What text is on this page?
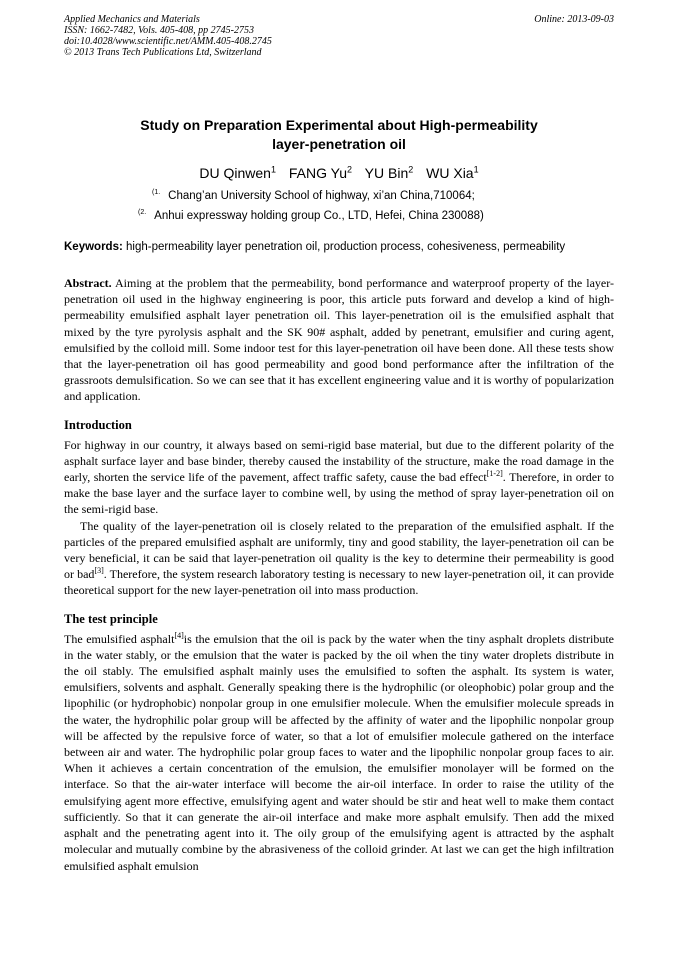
Applied Mechanics and Materials
ISSN: 1662-7482, Vols. 405-408, pp 2745-2753
doi:10.4028/www.scientific.net/AMM.405-408.2745
© 2013 Trans Tech Publications Ltd, Switzerland
Online: 2013-09-03
Study on Preparation Experimental about High-permeability
layer-penetration oil
DU Qinwen$^1$ FANG Yu$^2$ YU Bin$^2$ WU Xia$^1$
$^{(1.}$ Chang’an University School of highway, xi’an China,710064;
$^{(2.}$ Anhui expressway holding group Co., LTD, Hefei, China 230088)
Keywords: high-permeability layer penetration oil, production process, cohesiveness, permeability

Abstract. Aiming at the problem that the permeability, bond performance and waterproof property of the layer-penetration oil used in the highway engineering is poor, this article puts forward and develop a kind of high-permeability emulsified asphalt layer penetration oil. This layer-penetration oil is the emulsified asphalt that mixed by the tyre pyrolysis asphalt and the SK 90# asphalt, added by penetrant, emulsifier and curing agent, emulsified by the colloid mill. Some indoor test for this layer-penetration oil have been done. All these tests show that the layer-penetration oil has good permeability and good bond performance after the infiltration of the grassroots demulsification. So we can see that it has excellent engineering value and it is worthy of popularization and application.

Introduction

For highway in our country, it always based on semi-rigid base material, but due to the different polarity of the asphalt surface layer and base binder, thereby caused the instability of the structure, make the road damage in the early, shorten the service life of the pavement, affect traffic safety, cause the bad effect[1-2]. Therefore, in order to make the base layer and the surface layer to combine well, by using the method of spray layer-penetration oil on the semi-rigid base.

The quality of the layer-penetration oil is closely related to the preparation of the emulsified asphalt. If the particles of the prepared emulsified asphalt are uniformly, tiny and good stability, the layer-penetration oil can be very beneficial, it can be said that layer-penetration oil quality is the key to determine their permeability is good or bad[3]. Therefore, the system research laboratory testing is necessary to new layer-penetration oil, it can provide theoretical support for the new layer-penetration oil into mass production.

The test principle

The emulsified asphalt[4]is the emulsion that the oil is pack by the water when the tiny asphalt droplets distribute in the water stably, or the emulsion that the water is packed by the oil when the tiny water droplets distribute in the oil stably. The emulsified asphalt mainly uses the emulsified to soften the asphalt. Its system is water, emulsifiers, solvents and asphalt. Generally speaking there is the hydrophilic (or oleophobic) polar group and the lipophilic (or hydrophobic) nonpolar group in one emulsifier molecule. When the emulsifier molecule spreads in the water, the hydrophilic polar group will be affected by the affinity of water and the lipophilic nonpolar group will be affected by the repulsive force of water, so that a lot of emulsifier molecule gathered on the interface between air and water. The hydrophilic polar group faces to water and the lipophilic nonpolar group faces to air. When it achieves a certain concentration of the emulsion, the emulsifier monolayer will be formed on the interface. So that the air-water interface will become the air-oil interface. In order to raise the utility of the emulsifying agent more effective, emulsifying agent and water should be stir and heat well to make them contact sufficiently. So that it can generate the air-oil interface and make more asphalt emulsify. Then add the mixed asphalt and the penetrating agent into it. The oily group of the emulsifying agent is attracted by the asphalt molecular and mutually combine by the abrasiveness of the colloid grinder. At last we can get the high infiltration emulsified asphalt emulsion
